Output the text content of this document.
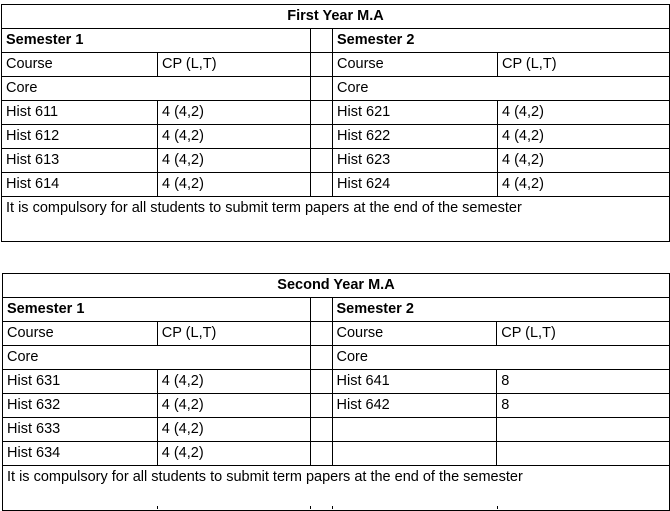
First Year M.A				
Semester 1			Semester 2	
Course	CP (L,T)		Course	CP (L,T)
Core			Core	
Hist 611	4 (4,2)		Hist 621	4 (4,2)
Hist 612	4 (4,2)		Hist 622	4 (4,2)
Hist 613	4 (4,2)		Hist 623	4 (4,2)
Hist 614	4 (4,2)		Hist 624	4 (4,2)
It is compulsory for all students to submit term papers at the end of the semester				
Second Year M.A				
Semester 1			Semester 2	
Course	CP (L,T)		Course	CP (L,T)
Core			Core	
Hist 631	4 (4,2)		Hist 641	8
Hist 632	4 (4,2)		Hist 642	8
Hist 633	4 (4,2)			
Hist 634	4 (4,2)			
It is compulsory for all students to submit term papers at the end of the semester				
